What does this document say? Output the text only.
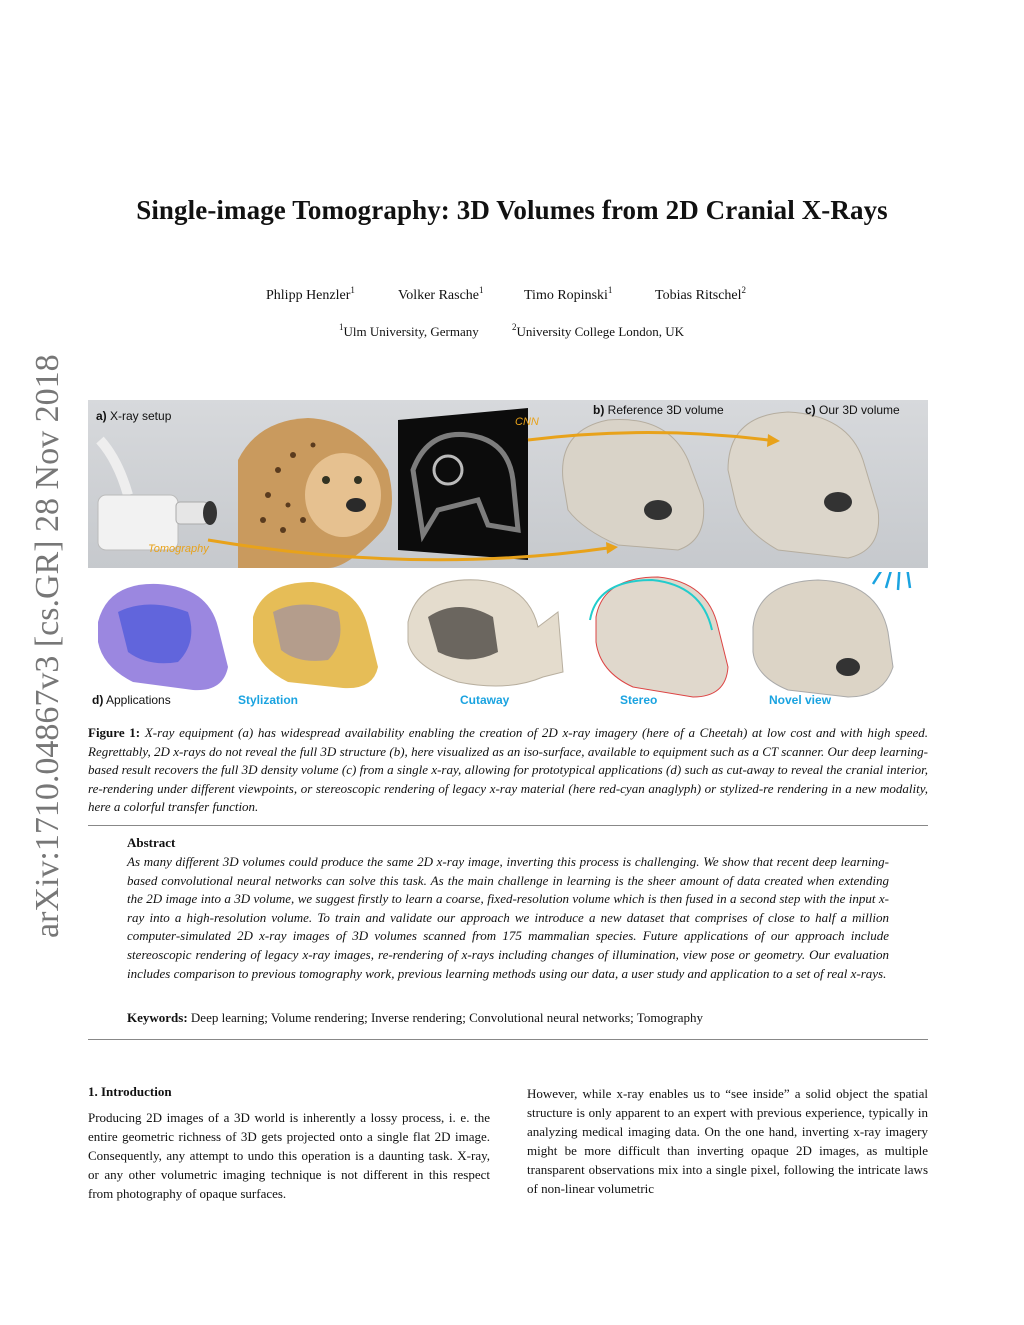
arXiv:1710.04867v3 [cs.GR] 28 Nov 2018
Single-image Tomography: 3D Volumes from 2D Cranial X-Rays
Phlipp Henzler$^1$	Volker Rasche$^1$	Timo Ropinski$^1$	Tobias Ritschel$^2$
$^1$Ulm University, Germany	$^2$University College London, UK
a) X-ray setup	b) Reference 3D volume	c) Our 3D volume
CNN
Tomography
d) Applications	Stylization	Cutaway	Stereo	Novel view
Figure 1: X-ray equipment (a) has widespread availability enabling the creation of 2D x-ray imagery (here of a Cheetah) at low cost and with high speed. Regrettably, 2D x-rays do not reveal the full 3D structure (b), here visualized as an iso-surface, available to equipment such as a CT scanner. Our deep learning-based result recovers the full 3D density volume (c) from a single x-ray, allowing for prototypical applications (d) such as cut-away to reveal the cranial interior, re-rendering under different viewpoints, or stereoscopic rendering of legacy x-ray material (here red-cyan anaglyph) or stylized-re rendering in a new modality, here a colorful transfer function.
Abstract
As many different 3D volumes could produce the same 2D x-ray image, inverting this process is challenging. We show that recent deep learning-based convolutional neural networks can solve this task. As the main challenge in learning is the sheer amount of data created when extending the 2D image into a 3D volume, we suggest firstly to learn a coarse, fixed-resolution volume which is then fused in a second step with the input x-ray into a high-resolution volume. To train and validate our approach we introduce a new dataset that comprises of close to half a million computer-simulated 2D x-ray images of 3D volumes scanned from 175 mammalian species. Future applications of our approach include stereoscopic rendering of legacy x-ray images, re-rendering of x-rays including changes of illumination, view pose or geometry. Our evaluation includes comparison to previous tomography work, previous learning methods using our data, a user study and application to a set of real x-rays.
Keywords: Deep learning; Volume rendering; Inverse rendering; Convolutional neural networks; Tomography
1. Introduction
Producing 2D images of a 3D world is inherently a lossy process, i. e. the entire geometric richness of 3D gets projected onto a single flat 2D image. Consequently, any attempt to undo this operation is a daunting task. X-ray, or any other volumetric imaging technique is not different in this respect from photography of opaque surfaces.
However, while x-ray enables us to “see inside” a solid object the spatial structure is only apparent to an expert with previous experience, typically in analyzing medical imaging data. On the one hand, inverting x-ray imagery might be more difficult than inverting opaque 2D images, as multiple transparent observations mix into a single pixel, following the intricate laws of non-linear volumetric
